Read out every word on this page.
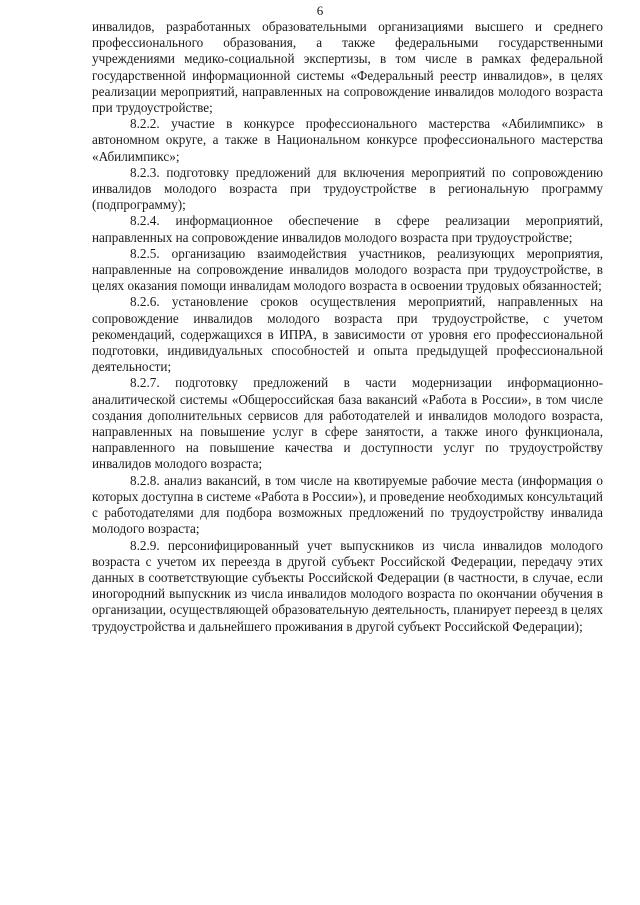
6

инвалидов, разработанных образовательными организациями высшего и среднего профессионального образования, а также федеральными государственными учреждениями медико-социальной экспертизы, в том числе в рамках федеральной государственной информационной системы «Федеральный реестр инвалидов», в целях реализации мероприятий, направленных на сопровождение инвалидов молодого возраста при трудоустройстве;

8.2.2. участие в конкурсе профессионального мастерства «Абилимпикс» в автономном округе, а также в Национальном конкурсе профессионального мастерства «Абилимпикс»;

8.2.3. подготовку предложений для включения мероприятий по сопровождению инвалидов молодого возраста при трудоустройстве в региональную программу (подпрограмму);

8.2.4. информационное обеспечение в сфере реализации мероприятий, направленных на сопровождение инвалидов молодого возраста при трудоустройстве;

8.2.5. организацию взаимодействия участников, реализующих мероприятия, направленные на сопровождение инвалидов молодого возраста при трудоустройстве, в целях оказания помощи инвалидам молодого возраста в освоении трудовых обязанностей;

8.2.6. установление сроков осуществления мероприятий, направленных на сопровождение инвалидов молодого возраста при трудоустройстве, с учетом рекомендаций, содержащихся в ИПРА, в зависимости от уровня его профессиональной подготовки, индивидуальных способностей и опыта предыдущей профессиональной деятельности;

8.2.7. подготовку предложений в части модернизации информационно-аналитической системы «Общероссийская база вакансий «Работа в России», в том числе создания дополнительных сервисов для работодателей и инвалидов молодого возраста, направленных на повышение услуг в сфере занятости, а также иного функционала, направленного на повышение качества и доступности услуг по трудоустройству инвалидов молодого возраста;

8.2.8. анализ вакансий, в том числе на квотируемые рабочие места (информация о которых доступна в системе «Работа в России»), и проведение необходимых консультаций с работодателями для подбора возможных предложений по трудоустройству инвалида молодого возраста;

8.2.9. персонифицированный учет выпускников из числа инвалидов молодого возраста с учетом их переезда в другой субъект Российской Федерации, передачу этих данных в соответствующие субъекты Российской Федерации (в частности, в случае, если иногородний выпускник из числа инвалидов молодого возраста по окончании обучения в организации, осуществляющей образовательную деятельность, планирует переезд в целях трудоустройства и дальнейшего проживания в другой субъект Российской Федерации);
